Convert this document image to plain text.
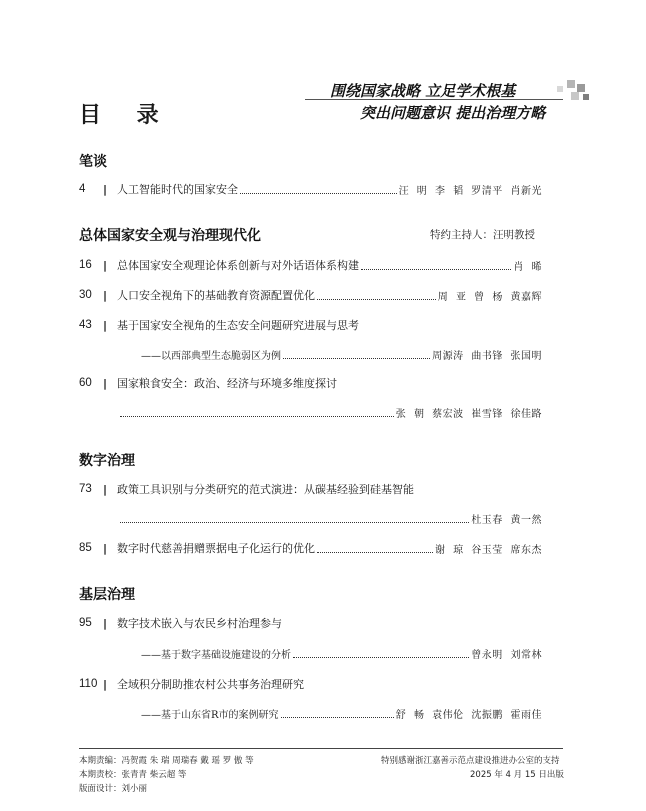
围绕国家战略 立足学术根基
突出问题意识 提出治理方略
目 录
笔谈
4	| 人工智能时代的国家安全	汪 明 李 韬 罗清平 肖新光
总体国家安全观与治理现代化	特约主持人：汪明教授
16	| 总体国家安全观理论体系创新与对外话语体系构建	肖 晞
30	| 人口安全视角下的基础教育资源配置优化	周 亚 曾 杨 黄嘉辉
43	| 基于国家安全视角的生态安全问题研究进展与思考
——以西部典型生态脆弱区为例	周源涛 曲书锋 张国明
60	| 国家粮食安全：政治、经济与环境多维度探讨
张 朝 蔡宏波 崔雪锋 徐佳路
数字治理
73	| 政策工具识别与分类研究的范式演进：从碳基经验到硅基智能
杜玉春 黄一然
85	| 数字时代慈善捐赠票据电子化运行的优化	谢 琼 谷玉莹 席东杰
基层治理
95	| 数字技术嵌入与农民乡村治理参与
——基于数字基础设施建设的分析	曾永明 刘常林
110 | 全域积分制助推农村公共事务治理研究
——基于山东省R市的案例研究	舒 畅 袁伟伦 沈振鹏 霍雨佳
本期责编：冯贺霞 朱 瑞 周瑞春 戴 瑶 罗 傲 等
本期责校：张青青 柴云超 等
版面设计：刘小丽
特别感谢浙江嘉善示范点建设推进办公室的支持
2025 年 4 月 15 日出版
